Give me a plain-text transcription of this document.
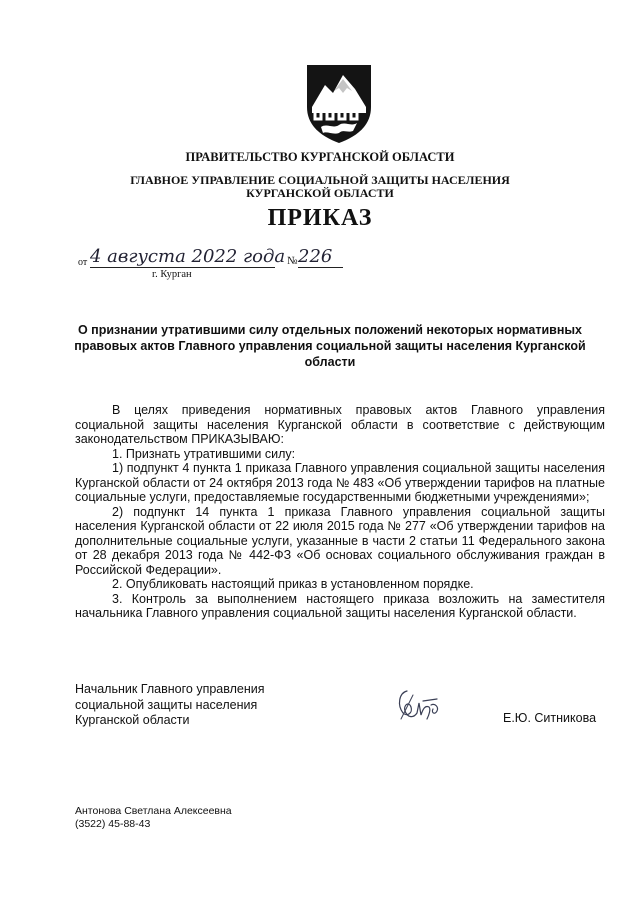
ПРАВИТЕЛЬСТВО КУРГАНСКОЙ ОБЛАСТИ
ГЛАВНОЕ УПРАВЛЕНИЕ СОЦИАЛЬНОЙ ЗАЩИТЫ НАСЕЛЕНИЯ
КУРГАНСКОЙ ОБЛАСТИ
ПРИКАЗ
от 4 августа 2022 года № 226
г. Курган
О признании утратившими силу отдельных положений некоторых нормативных правовых актов Главного управления социальной защиты населения Курганской области

В целях приведения нормативных правовых актов Главного управления социальной защиты населения Курганской области в соответствие с действующим законодательством ПРИКАЗЫВАЮ:

1. Признать утратившими силу:

1) подпункт 4 пункта 1 приказа Главного управления социальной защиты населения Курганской области от 24 октября 2013 года № 483 «Об утверждении тарифов на платные социальные услуги, предоставляемые государственными бюджетными учреждениями»;

2) подпункт 14 пункта 1 приказа Главного управления социальной защиты населения Курганской области от 22 июля 2015 года № 277 «Об утверждении тарифов на дополнительные социальные услуги, указанные в части 2 статьи 11 Федерального закона от 28 декабря 2013 года № 442-ФЗ «Об основах социального обслуживания граждан в Российской Федерации».

2. Опубликовать настоящий приказ в установленном порядке.

3. Контроль за выполнением настоящего приказа возложить на заместителя начальника Главного управления социальной защиты населения Курганской области.

Начальник Главного управления
социальной защиты населения
Курганской области	Е.Ю. Ситникова
Антонова Светлана Алексеевна
(3522) 45-88-43
